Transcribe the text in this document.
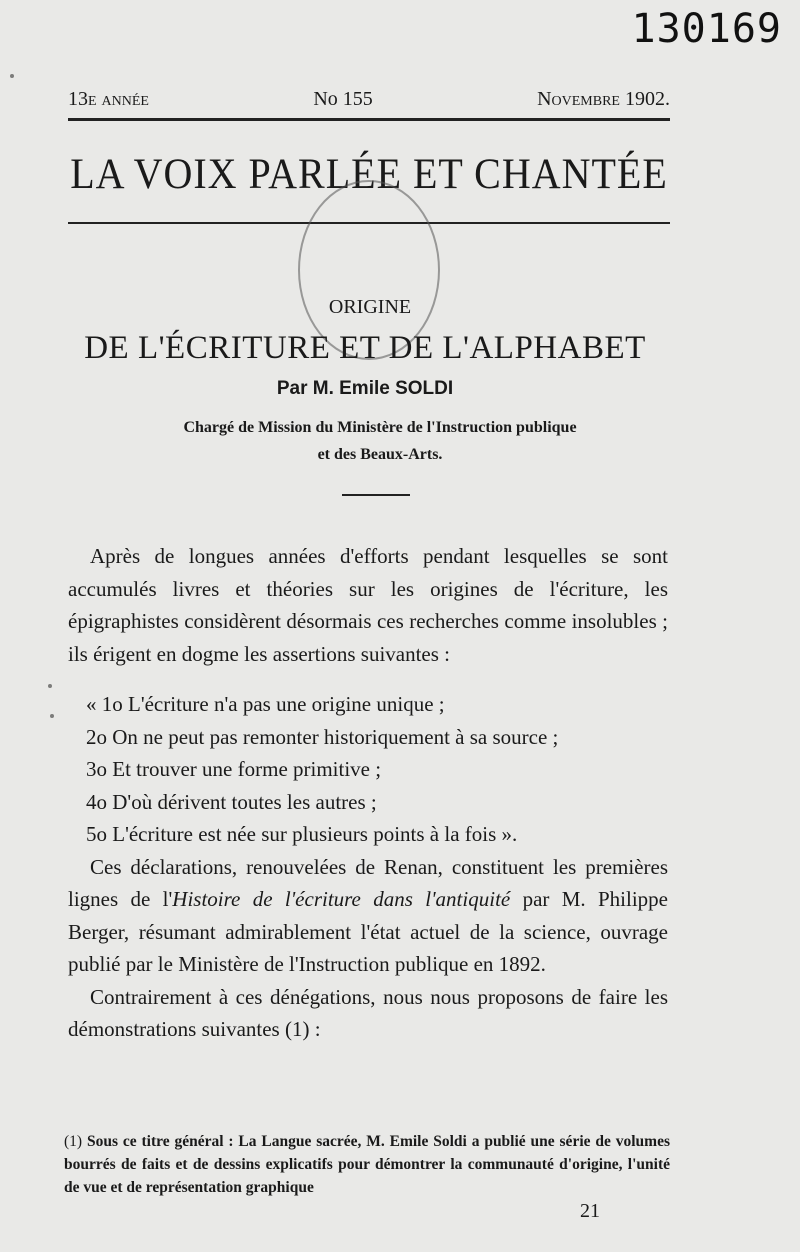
130169
13e année	No 155	Novembre 1902.
LA VOIX PARLÉE ET CHANTÉE
ORIGINE
DE L'ÉCRITURE ET DE L'ALPHABET
Par M. Emile SOLDI
Chargé de Mission du Ministère de l'Instruction publique
et des Beaux-Arts.

Après de longues années d'efforts pendant lesquelles se sont accumulés livres et théories sur les origines de l'écriture, les épigraphistes considèrent désormais ces recherches comme insolubles ; ils érigent en dogme les assertions suivantes :

« 1o L'écriture n'a pas une origine unique ;

2o On ne peut pas remonter historiquement à sa source ;

3o Et trouver une forme primitive ;

4o D'où dérivent toutes les autres ;

5o L'écriture est née sur plusieurs points à la fois ».

Ces déclarations, renouvelées de Renan, constituent les premières lignes de l'Histoire de l'écriture dans l'antiquité par M. Philippe Berger, résumant admirablement l'état actuel de la science, ouvrage publié par le Ministère de l'Instruction publique en 1892.

Contrairement à ces dénégations, nous nous proposons de faire les démonstrations suivantes (1) :

(1) Sous ce titre général : La Langue sacrée, M. Emile Soldi a publié une série de volumes bourrés de faits et de dessins explicatifs pour démontrer la communauté d'origine, l'unité de vue et de représentation graphique
21
